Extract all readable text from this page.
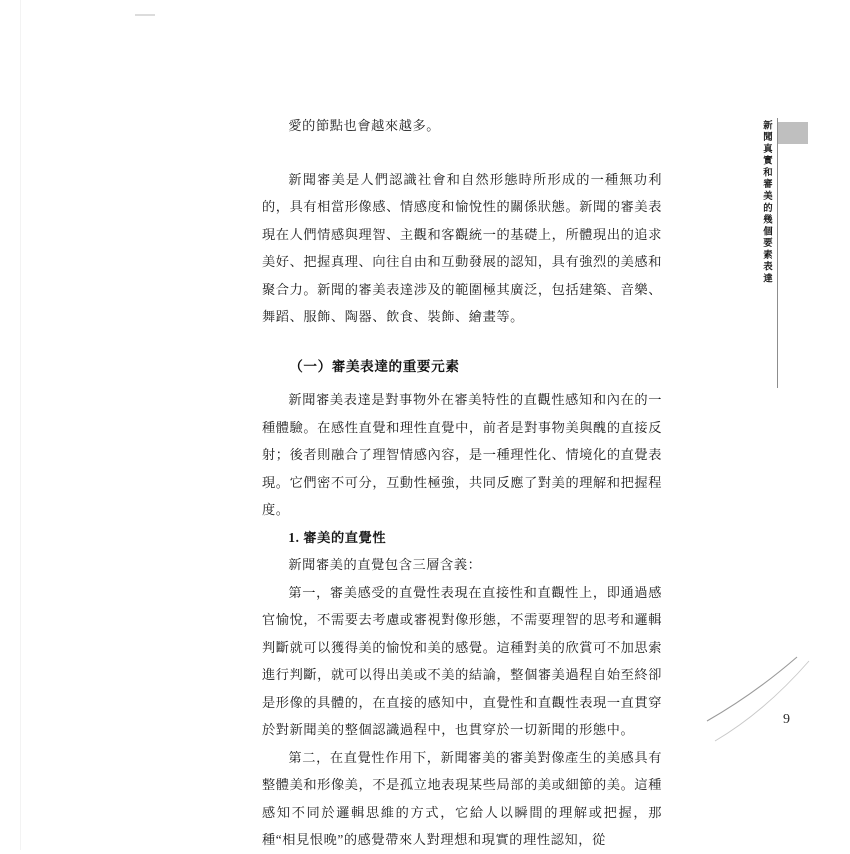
新聞真實和審美的幾個要素表達

愛的節點也會越來越多。

新聞審美是人們認識社會和自然形態時所形成的一種無功利的，具有相當形像感、情感度和愉悅性的關係狀態。新聞的審美表現在人們情感與理智、主觀和客觀統一的基礎上，所體現出的追求美好、把握真理、向往自由和互動發展的認知，具有強烈的美感和聚合力。新聞的審美表達涉及的範圍極其廣泛，包括建築、音樂、舞蹈、服飾、陶器、飲食、裝飾、繪畫等。

（一）審美表達的重要元素

新聞審美表達是對事物外在審美特性的直觀性感知和內在的一種體驗。在感性直覺和理性直覺中，前者是對事物美與醜的直接反射；後者則融合了理智情感內容，是一種理性化、情境化的直覺表現。它們密不可分，互動性極強，共同反應了對美的理解和把握程度。

1. 審美的直覺性

新聞審美的直覺包含三層含義：

第一，審美感受的直覺性表現在直接性和直觀性上，即通過感官愉悅，不需要去考慮或審視對像形態，不需要理智的思考和邏輯判斷就可以獲得美的愉悅和美的感覺。這種對美的欣賞可不加思索進行判斷，就可以得出美或不美的結論，整個審美過程自始至終卻是形像的具體的，在直接的感知中，直覺性和直觀性表現一直貫穿於對新聞美的整個認識過程中，也貫穿於一切新聞的形態中。

第二，在直覺性作用下，新聞審美的審美對像產生的美感具有整體美和形像美，不是孤立地表現某些局部的美或細節的美。這種感知不同於邏輯思維的方式，它給人以瞬間的理解或把握，那種“相見恨晚”的感覺帶來人對理想和現實的理性認知，從

9
